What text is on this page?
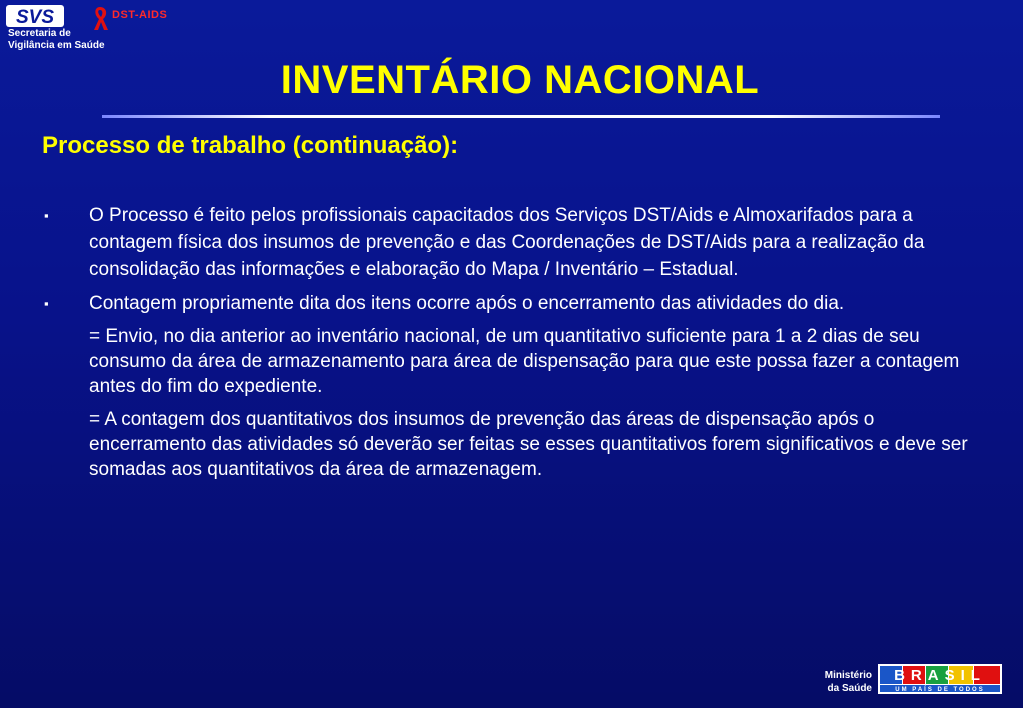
SVS
Secretaria de
Vigilância em Saúde
DST-AIDS
INVENTÁRIO NACIONAL
Processo de trabalho (continuação):
▪ O Processo é feito pelos profissionais capacitados dos Serviços DST/Aids e Almoxarifados para a contagem física dos insumos de prevenção e das Coordenações de DST/Aids para a realização da consolidação das informações e elaboração do Mapa / Inventário – Estadual.
▪ Contagem propriamente dita dos itens ocorre após o encerramento das atividades do dia.
= Envio, no dia anterior ao inventário nacional, de um quantitativo suficiente para 1 a 2 dias de seu consumo da área de armazenamento para área de dispensação para que este possa fazer a contagem antes do fim do expediente.
= A contagem dos quantitativos dos insumos de prevenção das áreas de dispensação após o encerramento das atividades só deverão ser feitas se esses quantitativos forem significativos e deve ser somadas aos quantitativos da área de armazenagem.
Ministério
da Saúde
BRASIL
UM PAÍS DE TODOS
